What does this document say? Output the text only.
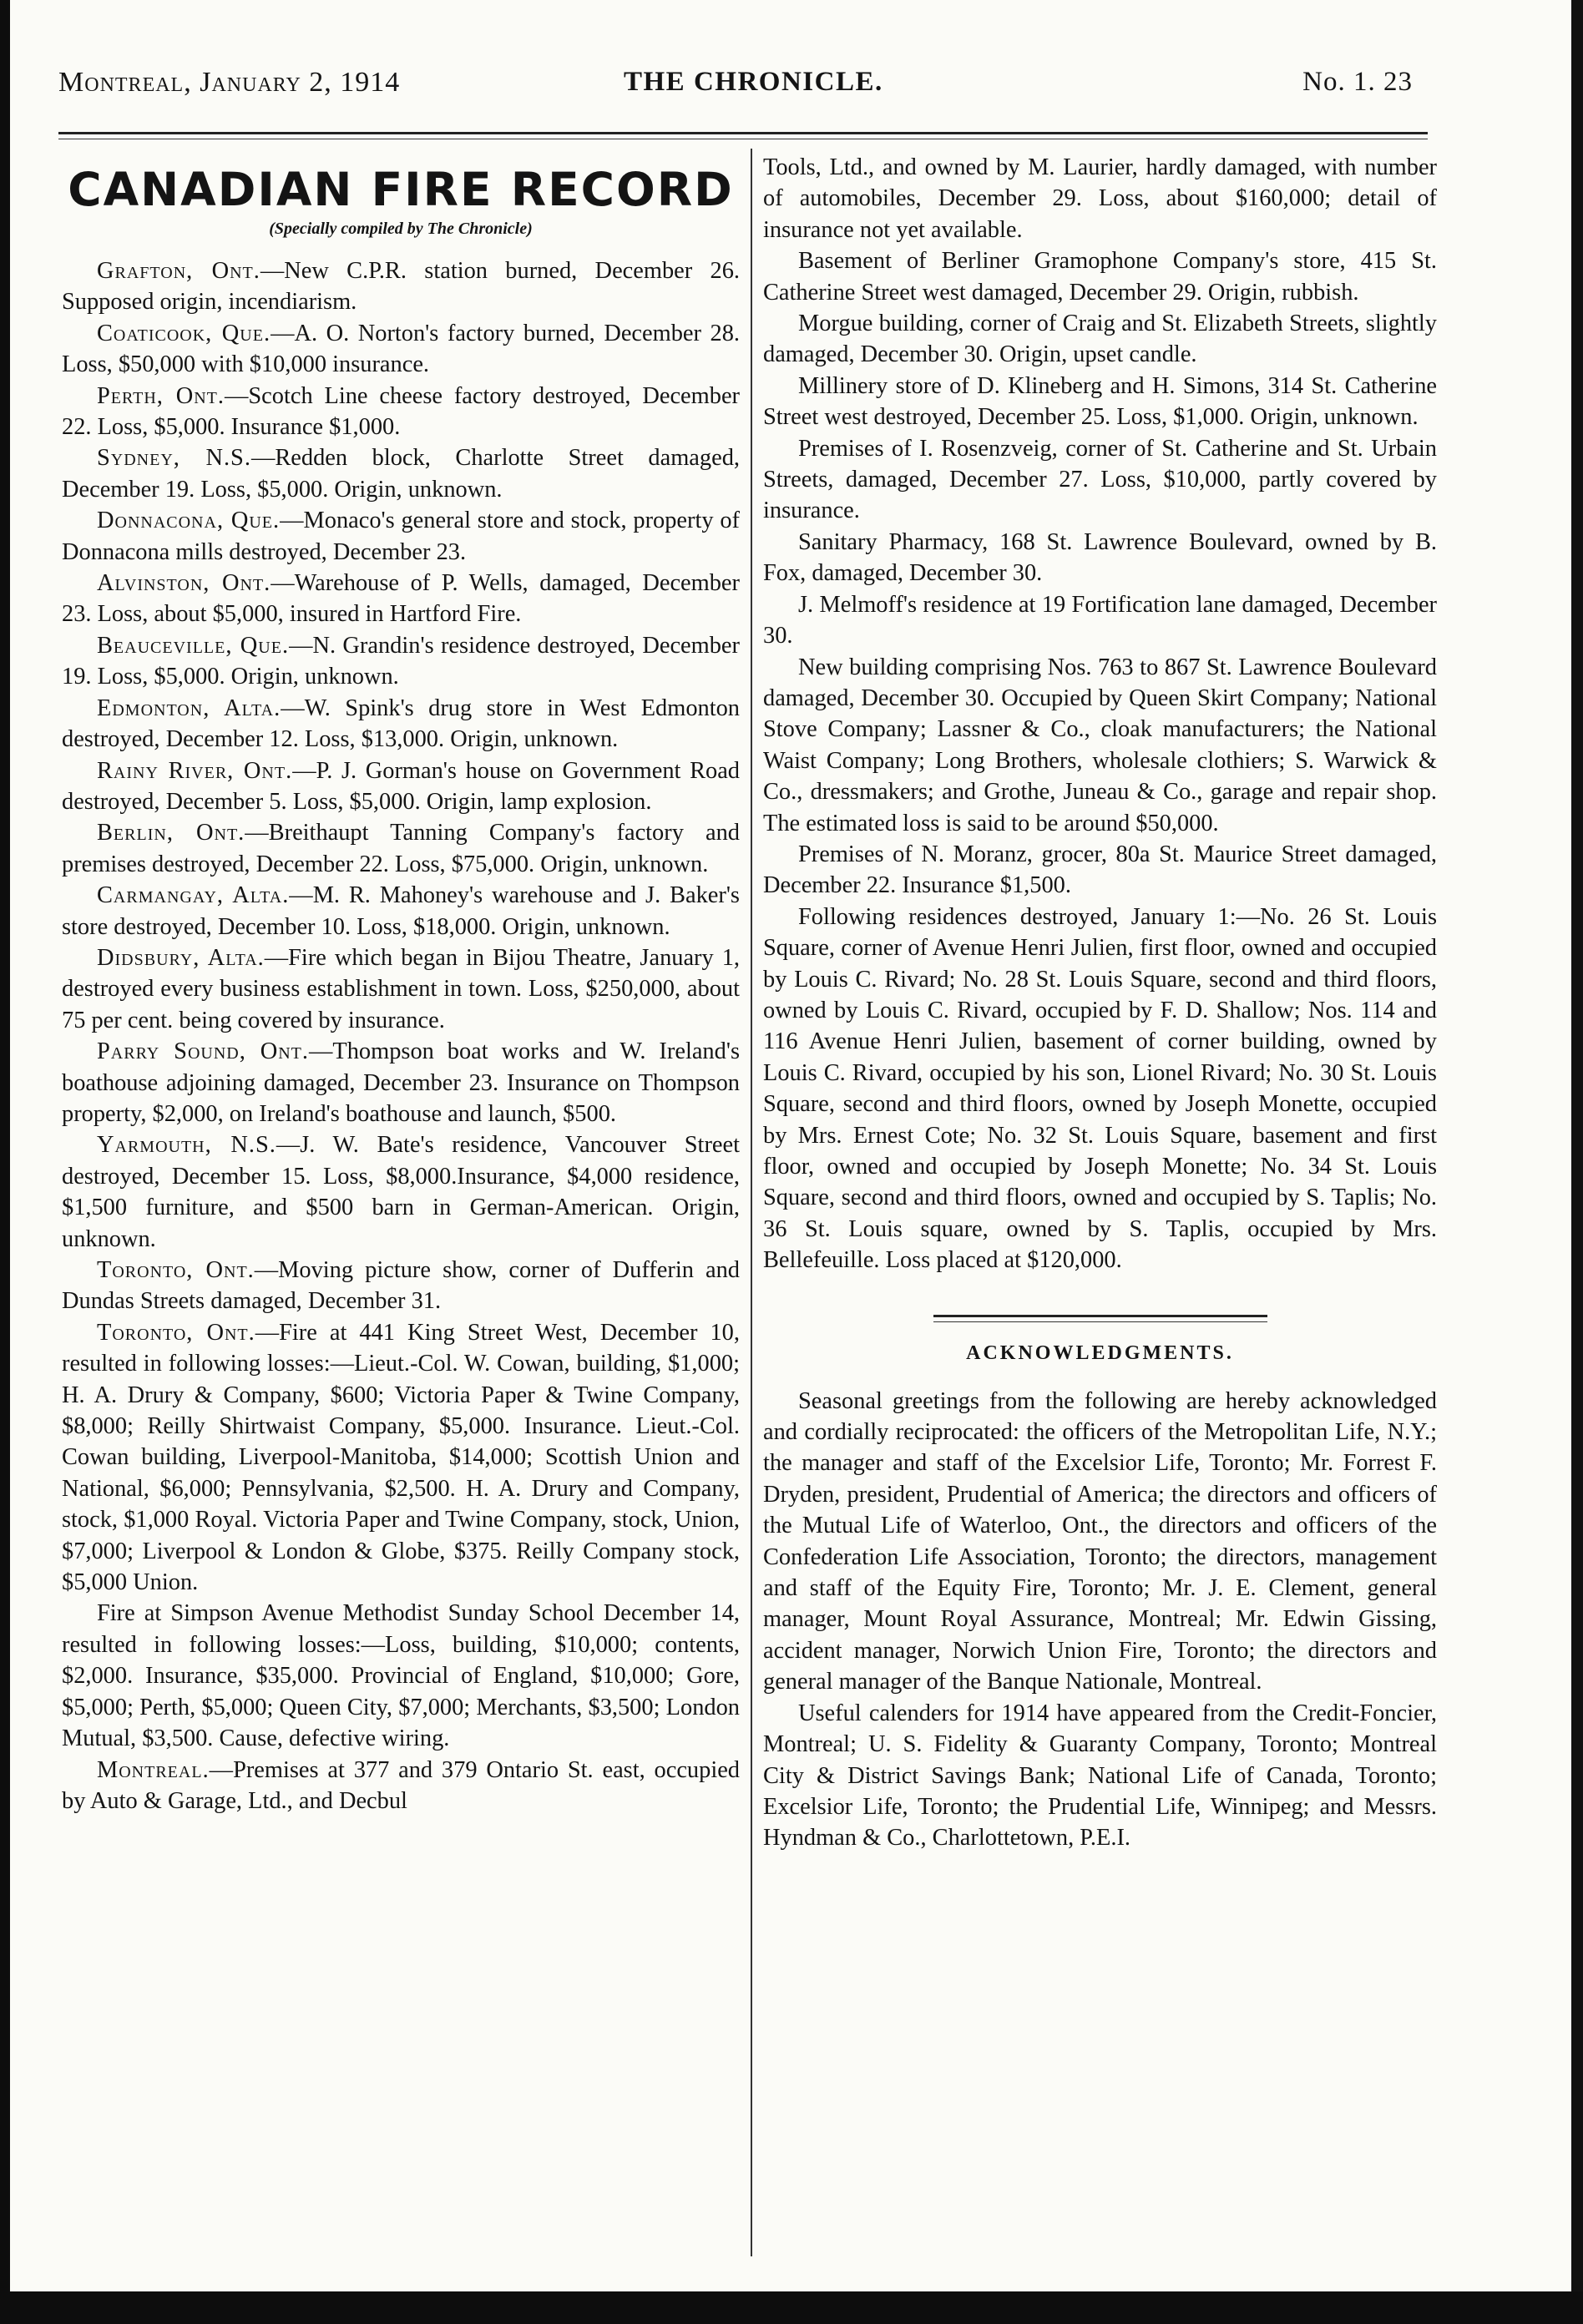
Montreal, January 2, 1914	THE CHRONICLE.	No. 1. 23
CANADIAN FIRE RECORD
(Specially compiled by The Chronicle)

Grafton, Ont.—New C.P.R. station burned, December 26. Supposed origin, incendiarism.

Coaticook, Que.—A. O. Norton's factory burned, December 28. Loss, $50,000 with $10,000 insurance.

Perth, Ont.—Scotch Line cheese factory destroyed, December 22. Loss, $5,000. Insurance $1,000.

Sydney, N.S.—Redden block, Charlotte Street damaged, December 19. Loss, $5,000. Origin, unknown.

Donnacona, Que.—Monaco's general store and stock, property of Donnacona mills destroyed, December 23.

Alvinston, Ont.—Warehouse of P. Wells, damaged, December 23. Loss, about $5,000, insured in Hartford Fire.

Beauceville, Que.—N. Grandin's residence destroyed, December 19. Loss, $5,000. Origin, unknown.

Edmonton, Alta.—W. Spink's drug store in West Edmonton destroyed, December 12. Loss, $13,000. Origin, unknown.

Rainy River, Ont.—P. J. Gorman's house on Government Road destroyed, December 5. Loss, $5,000. Origin, lamp explosion.

Berlin, Ont.—Breithaupt Tanning Company's factory and premises destroyed, December 22. Loss, $75,000. Origin, unknown.

Carmangay, Alta.—M. R. Mahoney's warehouse and J. Baker's store destroyed, December 10. Loss, $18,000. Origin, unknown.

Didsbury, Alta.—Fire which began in Bijou Theatre, January 1, destroyed every business establishment in town. Loss, $250,000, about 75 per cent. being covered by insurance.

Parry Sound, Ont.—Thompson boat works and W. Ireland's boathouse adjoining damaged, December 23. Insurance on Thompson property, $2,000, on Ireland's boathouse and launch, $500.

Yarmouth, N.S.—J. W. Bate's residence, Vancouver Street destroyed, December 15. Loss, $8,000.Insurance, $4,000 residence, $1,500 furniture, and $500 barn in German-American. Origin, unknown.

Toronto, Ont.—Moving picture show, corner of Dufferin and Dundas Streets damaged, December 31.

Toronto, Ont.—Fire at 441 King Street West, December 10, resulted in following losses:—Lieut.-Col. W. Cowan, building, $1,000; H. A. Drury & Company, $600; Victoria Paper & Twine Company, $8,000; Reilly Shirtwaist Company, $5,000. Insurance. Lieut.-Col. Cowan building, Liverpool-Manitoba, $14,000; Scottish Union and National, $6,000; Pennsylvania, $2,500. H. A. Drury and Company, stock, $1,000 Royal. Victoria Paper and Twine Company, stock, Union, $7,000; Liverpool & London & Globe, $375. Reilly Company stock, $5,000 Union.

Fire at Simpson Avenue Methodist Sunday School December 14, resulted in following losses:—Loss, building, $10,000; contents, $2,000. Insurance, $35,000. Provincial of England, $10,000; Gore, $5,000; Perth, $5,000; Queen City, $7,000; Merchants, $3,500; London Mutual, $3,500. Cause, defective wiring.

Montreal.—Premises at 377 and 379 Ontario St. east, occupied by Auto & Garage, Ltd., and Decbul

Tools, Ltd., and owned by M. Laurier, hardly damaged, with number of automobiles, December 29. Loss, about $160,000; detail of insurance not yet available.

Basement of Berliner Gramophone Company's store, 415 St. Catherine Street west damaged, December 29. Origin, rubbish.

Morgue building, corner of Craig and St. Elizabeth Streets, slightly damaged, December 30. Origin, upset candle.

Millinery store of D. Klineberg and H. Simons, 314 St. Catherine Street west destroyed, December 25. Loss, $1,000. Origin, unknown.

Premises of I. Rosenzveig, corner of St. Catherine and St. Urbain Streets, damaged, December 27. Loss, $10,000, partly covered by insurance.

Sanitary Pharmacy, 168 St. Lawrence Boulevard, owned by B. Fox, damaged, December 30.

J. Melmoff's residence at 19 Fortification lane damaged, December 30.

New building comprising Nos. 763 to 867 St. Lawrence Boulevard damaged, December 30. Occupied by Queen Skirt Company; National Stove Company; Lassner & Co., cloak manufacturers; the National Waist Company; Long Brothers, wholesale clothiers; S. Warwick & Co., dressmakers; and Grothe, Juneau & Co., garage and repair shop. The estimated loss is said to be around $50,000.

Premises of N. Moranz, grocer, 80a St. Maurice Street damaged, December 22. Insurance $1,500.

Following residences destroyed, January 1:—No. 26 St. Louis Square, corner of Avenue Henri Julien, first floor, owned and occupied by Louis C. Rivard; No. 28 St. Louis Square, second and third floors, owned by Louis C. Rivard, occupied by F. D. Shallow; Nos. 114 and 116 Avenue Henri Julien, basement of corner building, owned by Louis C. Rivard, occupied by his son, Lionel Rivard; No. 30 St. Louis Square, second and third floors, owned by Joseph Monette, occupied by Mrs. Ernest Cote; No. 32 St. Louis Square, basement and first floor, owned and occupied by Joseph Monette; No. 34 St. Louis Square, second and third floors, owned and occupied by S. Taplis; No. 36 St. Louis square, owned by S. Taplis, occupied by Mrs. Bellefeuille. Loss placed at $120,000.

ACKNOWLEDGMENTS.

Seasonal greetings from the following are hereby acknowledged and cordially reciprocated: the officers of the Metropolitan Life, N.Y.; the manager and staff of the Excelsior Life, Toronto; Mr. Forrest F. Dryden, president, Prudential of America; the directors and officers of the Mutual Life of Waterloo, Ont., the directors and officers of the Confederation Life Association, Toronto; the directors, management and staff of the Equity Fire, Toronto; Mr. J. E. Clement, general manager, Mount Royal Assurance, Montreal; Mr. Edwin Gissing, accident manager, Norwich Union Fire, Toronto; the directors and general manager of the Banque Nationale, Montreal.

Useful calenders for 1914 have appeared from the Credit-Foncier, Montreal; U. S. Fidelity & Guaranty Company, Toronto; Montreal City & District Savings Bank; National Life of Canada, Toronto; Excelsior Life, Toronto; the Prudential Life, Winnipeg; and Messrs. Hyndman & Co., Charlottetown, P.E.I.
